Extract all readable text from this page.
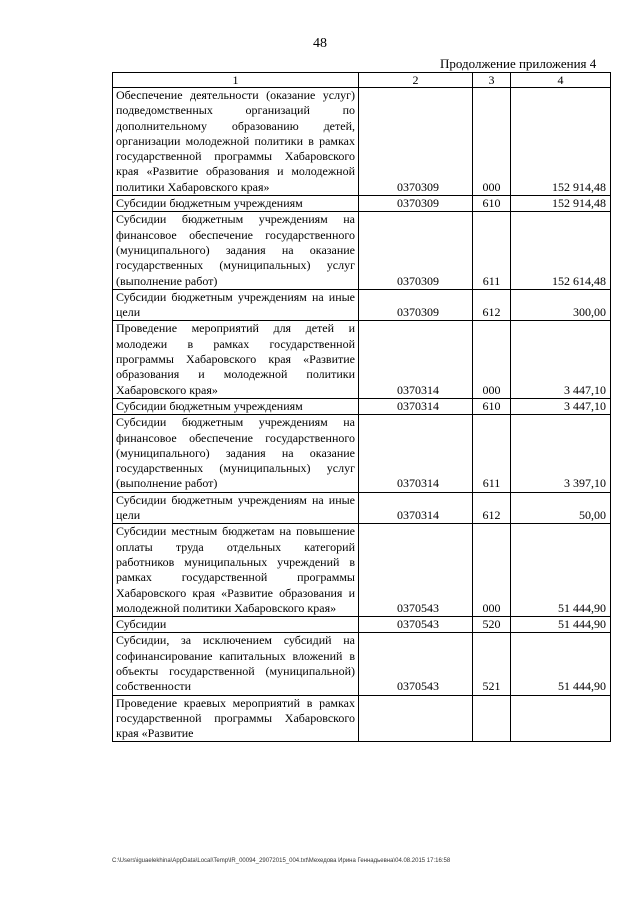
48
Продолжение приложения 4
1	2	3	4
Обеспечение деятельности (оказание услуг) подведомственных организаций по дополнительному образованию детей, организации молодежной политики в рамках государственной программы Хабаровского края «Развитие образования и молодежной политики Хабаровского края»	0370309	000	152 914,48
Субсидии бюджетным учреждениям	0370309	610	152 914,48
Субсидии бюджетным учреждениям на финансовое обеспечение государственного (муниципального) задания на оказание государственных (муниципальных) услуг (выполнение работ)	0370309	611	152 614,48
Субсидии бюджетным учреждениям на иные цели	0370309	612	300,00
Проведение мероприятий для детей и молодежи в рамках государственной программы Хабаровского края «Развитие образования и молодежной политики Хабаровского края»	0370314	000	3 447,10
Субсидии бюджетным учреждениям	0370314	610	3 447,10
Субсидии бюджетным учреждениям на финансовое обеспечение государственного (муниципального) задания на оказание государственных (муниципальных) услуг (выполнение работ)	0370314	611	3 397,10
Субсидии бюджетным учреждениям на иные цели	0370314	612	50,00
Субсидии местным бюджетам на повышение оплаты труда отдельных категорий работников муниципальных учреждений в рамках государственной программы Хабаровского края «Развитие образования и молодежной политики Хабаровского края»	0370543	000	51 444,90
Субсидии	0370543	520	51 444,90
Субсидии, за исключением субсидий на софинансирование капитальных вложений в объекты государственной (муниципальной) собственности	0370543	521	51 444,90
Проведение краевых мероприятий в рамках государственной программы Хабаровского края «Развитие			
C:\Users\iguaelekhina\AppData\Local\Temp\IR_00094_29072015_004.txt\Мехедова Ирина Геннадьевна\04.08.2015 17:16:58
